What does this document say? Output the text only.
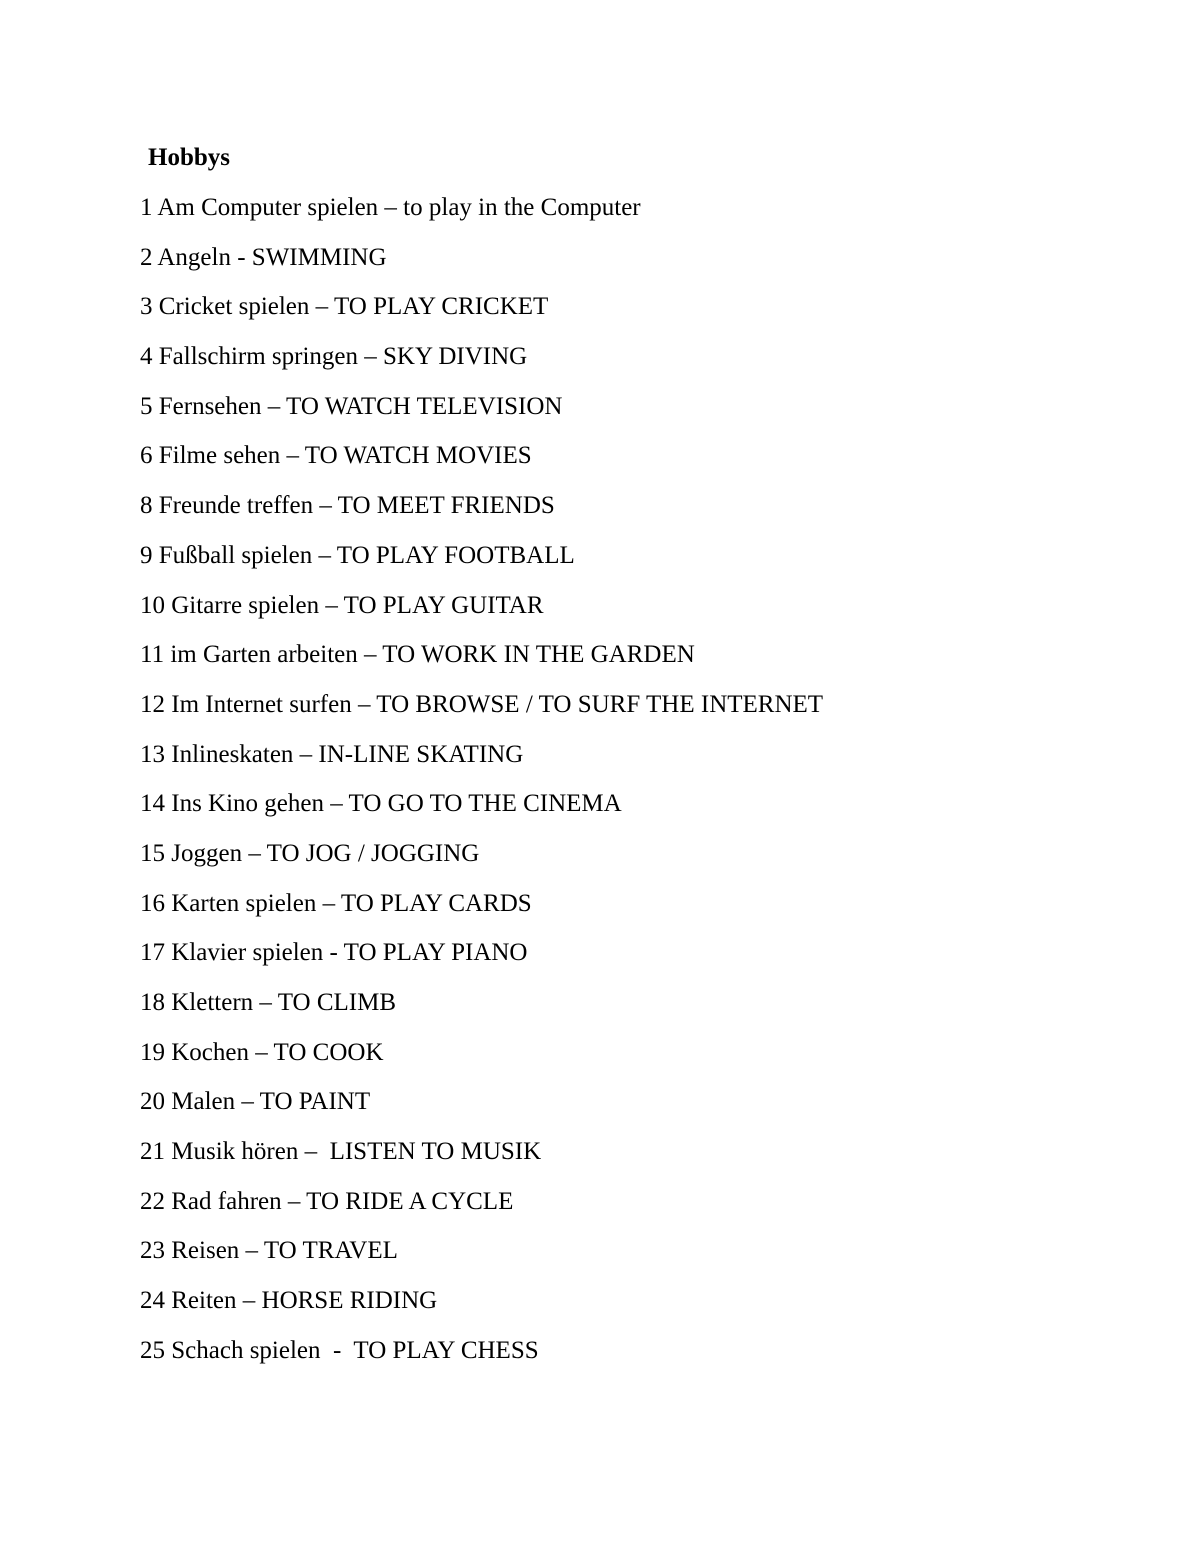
Hobbys
1 Am Computer spielen – to play in the Computer
2 Angeln - SWIMMING
3 Cricket spielen – TO PLAY CRICKET
4 Fallschirm springen – SKY DIVING
5 Fernsehen – TO WATCH TELEVISION
6 Filme sehen – TO WATCH MOVIES
8 Freunde treffen – TO MEET FRIENDS
9 Fußball spielen – TO PLAY FOOTBALL
10 Gitarre spielen – TO PLAY GUITAR
11 im Garten arbeiten – TO WORK IN THE GARDEN
12 Im Internet surfen – TO BROWSE / TO SURF THE INTERNET
13 Inlineskaten – IN-LINE SKATING
14 Ins Kino gehen – TO GO TO THE CINEMA
15 Joggen – TO JOG / JOGGING
16 Karten spielen – TO PLAY CARDS
17 Klavier spielen - TO PLAY PIANO
18 Klettern – TO CLIMB
19 Kochen – TO COOK
20 Malen – TO PAINT
21 Musik hören –  LISTEN TO MUSIK
22 Rad fahren – TO RIDE A CYCLE
23 Reisen – TO TRAVEL
24 Reiten – HORSE RIDING
25 Schach spielen  -  TO PLAY CHESS
